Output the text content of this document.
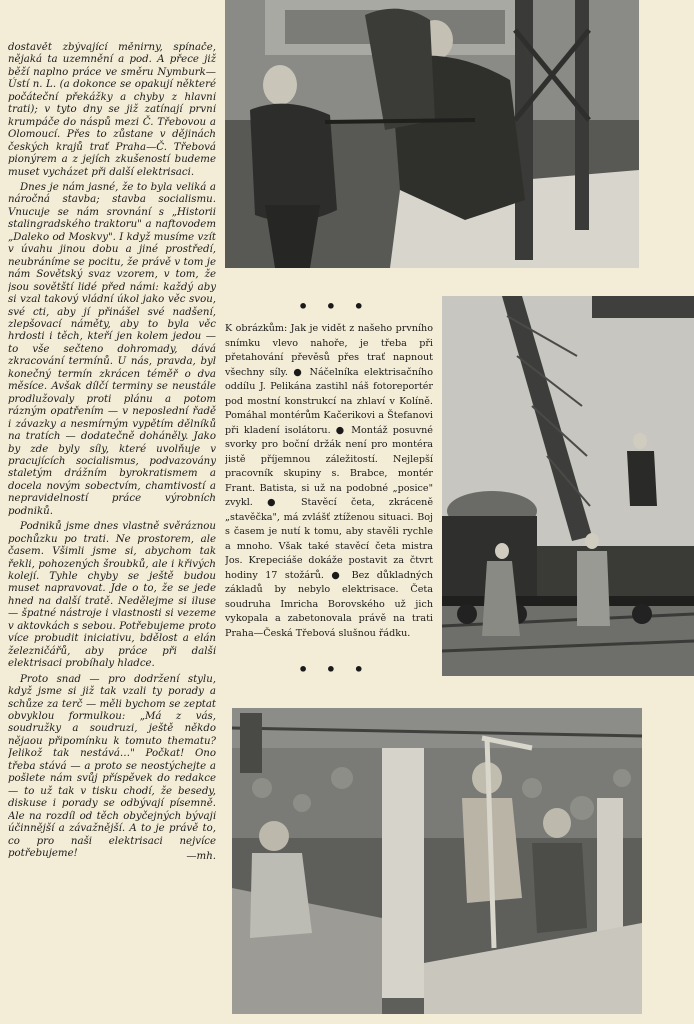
dostavět zbývající měnirny, spínače, nějaká ta uzemnění a pod. A přece již běží naplno práce ve směru Nymburk—Ústí n. L. (a dokonce se opakují některé počáteční překážky a chyby z hlavní trati); v tyto dny se již zatínají první krumpáče do náspů mezi Č. Třebovou a Olomoucí. Přes to zůstane v dějinách českých krajů trať Praha—Č. Třebová pionýrem a z jejích zkušeností budeme muset vycházet při další elektrisaci.

Dnes je nám jasné, že to byla veliká a náročná stavba; stavba socialismu. Vnucuje se nám srovnání s „Historii stalingradského traktoru" a naftovodem „Daleko od Moskvy". I když musíme vzít v úvahu jinou dobu a jiné prostředí, neubráníme se pocitu, že právě v tom je nám Sovětský svaz vzorem, v tom, že jsou sovětští lidé před námi: každý aby si vzal takový vládní úkol jako věc svou, své cti, aby jí přinášel své nadšení, zlepšovací náměty, aby to byla věc hrdosti i těch, kteří jen kolem jedou — to vše sečteno dohromady, dává zkracování termínů. U nás, pravda, byl konečný termín zkrácen téměř o dva měsíce. Avšak dílčí terminy se neustále prodlužovaly proti plánu a potom rázným opatřením — v neposlední řadě i závazky a nesmírným vypětím dělníků na tratích — dodatečně doháněly. Jako by zde byly síly, které uvolňuje v pracujících socialismus, podvazovány staletým drážním byrokratismem a docela novým sobectvím, chamtivostí a nepravidelností práce výrobních podniků.

Podniků jsme dnes vlastně svěráznou pochůzku po trati. Ne prostorem, ale časem. Všimli jsme si, abychom tak řekli, pohozených šroubků, ale i křivých kolejí. Tyhle chyby se ještě budou muset napravovat. Jde o to, že se jede hned na další tratě. Nedělejme si iluse — špatné nástroje i vlastnosti si vezeme v aktovkách s sebou. Potřebujeme proto více probudit iniciativu, bdělost a elán železničářů, aby práce při další elektrisaci probíhaly hladce.

Proto snad — pro dodržení stylu, když jsme si již tak vzali ty porady a schůze za terč — měli bychom se zeptat obvyklou formulkou: „Má z vás, soudružky a soudruzi, ještě někdo nějaou připomínku k tomuto thematu? Jelikož tak nestává…" Počkat! Ono třeba stává — a proto se neostýchejte a pošlete nám svůj příspěvek do redakce — to už tak v tisku chodí, že besedy, diskuse i porady se odbývají písemně. Ale na rozdíl od těch obyčejných bývají účinnější a závažnější. A to je právě to, co pro naši elektrisaci nejvíce potřebujeme!	—mh.
• • •
K obrázkům: Jak je vidět z našeho prvního snímku vlevo nahoře, je třeba při přetahování převěsů přes trať napnout všechny síly. ● Náčelníka elektrisačního oddílu J. Pelikána zastihl náš fotoreportér pod mostní konstrukcí na zhlaví v Kolíně. Pomáhal montérům Kačerikovi a Štefanovi při kladení isolátoru. ● Montáž posuvné svorky pro boční držák není pro montéra jistě příjemnou záležitostí. Nejlepší pracovník skupiny s. Brabce, montér Frant. Batista, si už na podobné „posice" zvykl. ● Stavěcí četa, zkráceně „stavěčka", má zvlášť ztíženou situaci. Boj s časem je nutí k tomu, aby stavěli rychle a mnoho. Však také stavěcí četa mistra Jos. Krepeciáše dokáže postavit za čtvrt hodiny 17 stožárů. ● Bez důkladných základů by nebylo elektrisace. Četa soudruha Imricha Borovského už jich vykopala a zabetonovala právě na trati Praha—Česká Třebová slušnou řádku.
• • •
